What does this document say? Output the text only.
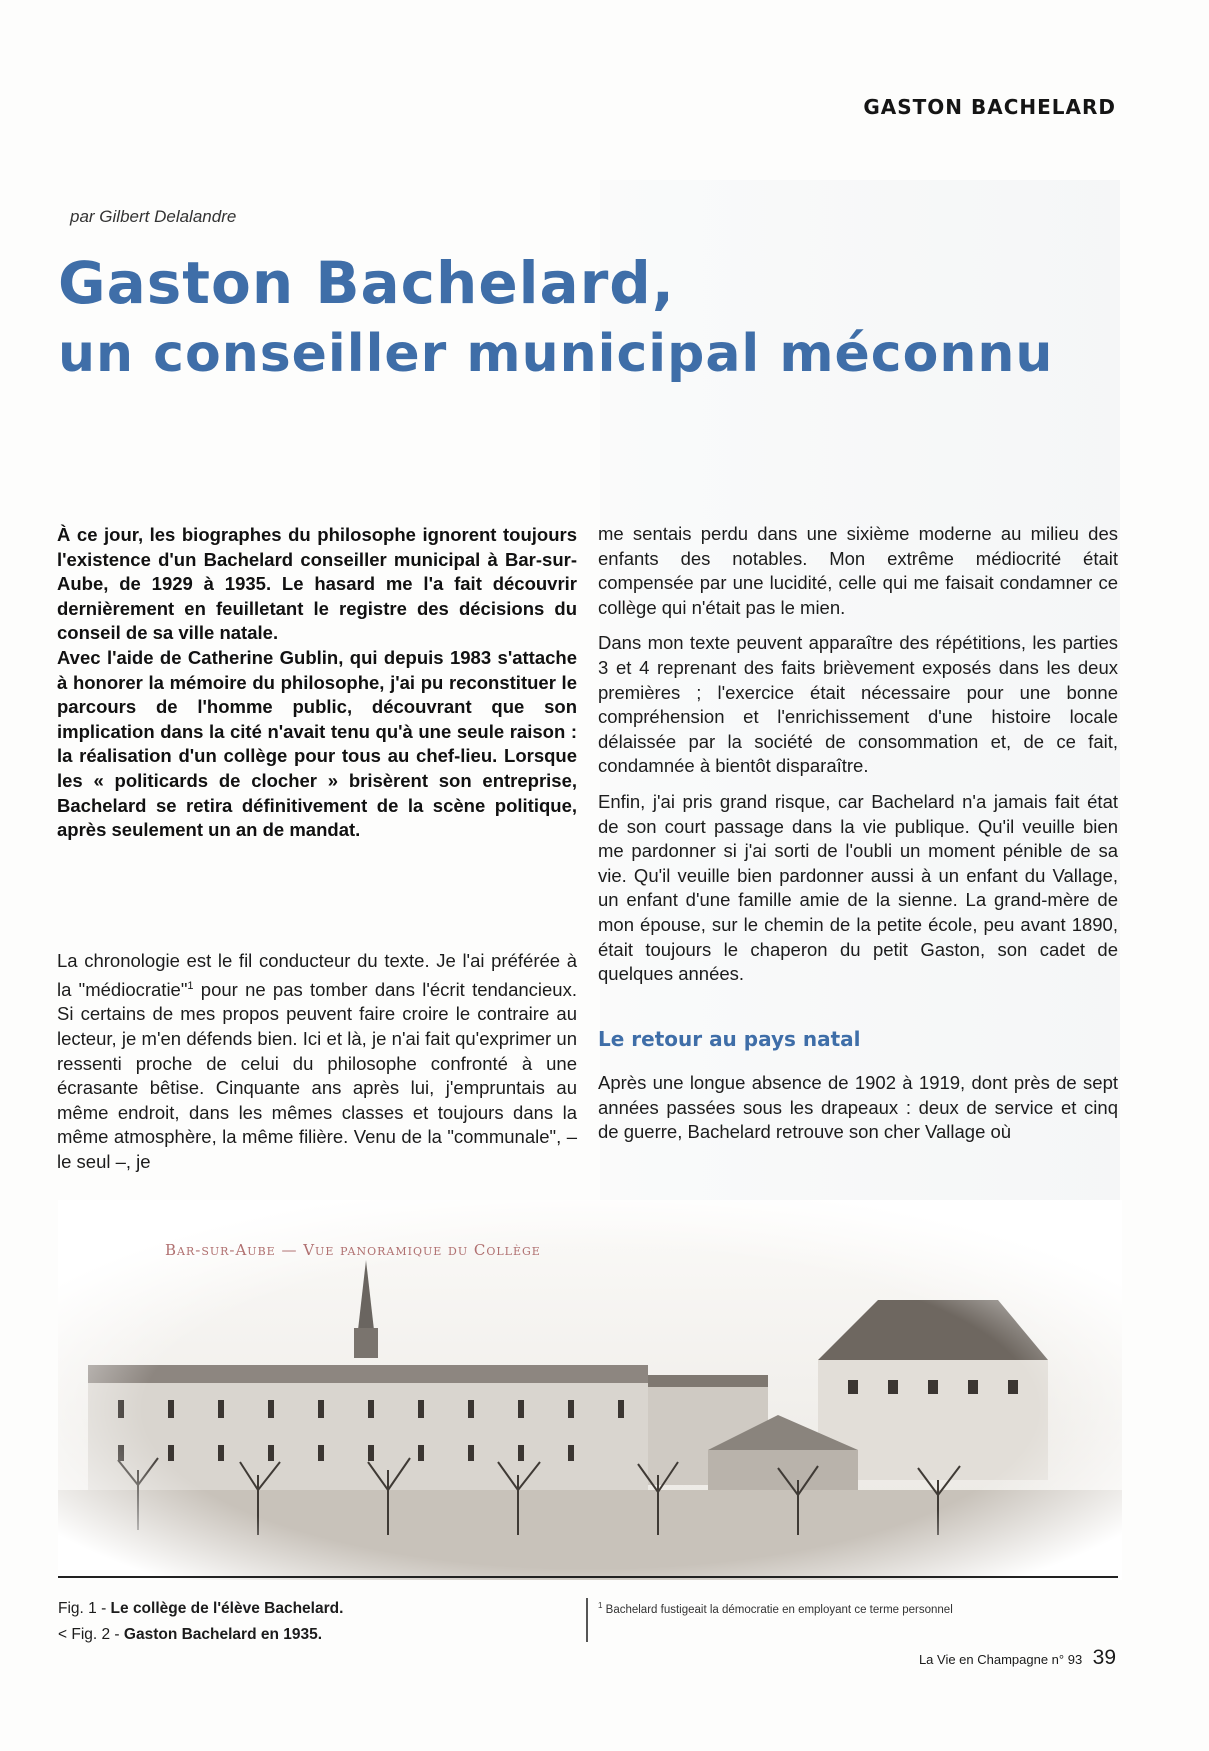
GASTON BACHELARD
par Gilbert Delalandre
Gaston Bachelard,
un conseiller municipal méconnu

À ce jour, les biographes du philosophe ignorent toujours l'existence d'un Bachelard conseiller municipal à Bar-sur-Aube, de 1929 à 1935. Le hasard me l'a fait découvrir dernièrement en feuilletant le registre des décisions du conseil de sa ville natale.

Avec l'aide de Catherine Gublin, qui depuis 1983 s'attache à honorer la mémoire du philosophe, j'ai pu reconstituer le parcours de l'homme public, découvrant que son implication dans la cité n'avait tenu qu'à une seule raison : la réalisation d'un collège pour tous au chef-lieu. Lorsque les « politicards de clocher » brisèrent son entreprise, Bachelard se retira définitivement de la scène politique, après seulement un an de mandat.

La chronologie est le fil conducteur du texte. Je l'ai préférée à la "médiocratie"$^1$ pour ne pas tomber dans l'écrit tendancieux. Si certains de mes propos peuvent faire croire le contraire au lecteur, je m'en défends bien. Ici et là, je n'ai fait qu'exprimer un ressenti proche de celui du philosophe confronté à une écrasante bêtise. Cinquante ans après lui, j'empruntais au même endroit, dans les mêmes classes et toujours dans la même atmosphère, la même filière. Venu de la "communale", – le seul –, je

me sentais perdu dans une sixième moderne au milieu des enfants des notables. Mon extrême médiocrité était compensée par une lucidité, celle qui me faisait condamner ce collège qui n'était pas le mien.

Dans mon texte peuvent apparaître des répétitions, les parties 3 et 4 reprenant des faits brièvement exposés dans les deux premières ; l'exercice était nécessaire pour une bonne compréhension et l'enrichissement d'une histoire locale délaissée par la société de consommation et, de ce fait, condamnée à bientôt disparaître.

Enfin, j'ai pris grand risque, car Bachelard n'a jamais fait état de son court passage dans la vie publique. Qu'il veuille bien me pardonner si j'ai sorti de l'oubli un moment pénible de sa vie. Qu'il veuille bien pardonner aussi à un enfant du Vallage, un enfant d'une famille amie de la sienne. La grand-mère de mon épouse, sur le chemin de la petite école, peu avant 1890, était toujours le chaperon du petit Gaston, son cadet de quelques années.

Le retour au pays natal

Après une longue absence de 1902 à 1919, dont près de sept années passées sous les drapeaux : deux de service et cinq de guerre, Bachelard retrouve son cher Vallage où

Bar-sur-Aube — Vue panoramique du Collège
Fig. 1 - Le collège de l'élève Bachelard.
< Fig. 2 - Gaston Bachelard en 1935.
$^1$ Bachelard fustigeait la démocratie en employant ce terme personnel
La Vie en Champagne n° 93 39
